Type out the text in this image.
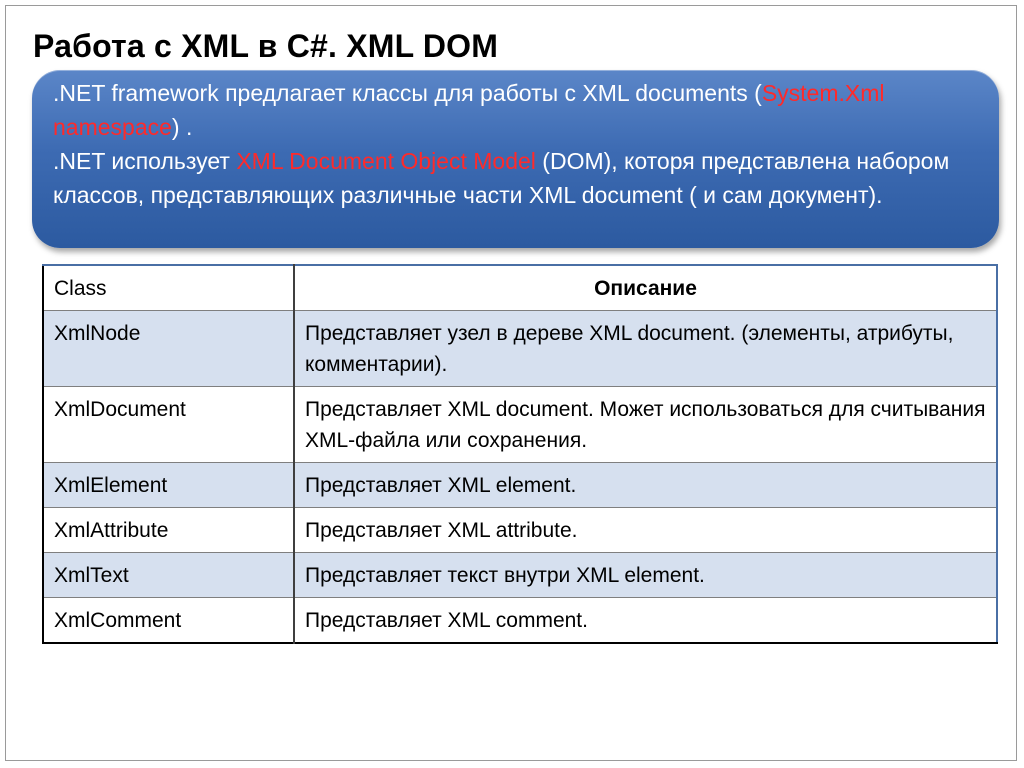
Работа с XML в С#. XML DOM

.NET framework предлагает классы для работы с XML documents (System.Xml namespace) .

.NET использует XML Document Object Model (DOM), которя представлена набором классов, представляющих различные части XML document ( и сам документ).

Class	Описание
XmlNode	Представляет узел в дереве XML document. (элементы, атрибуты, комментарии).
XmlDocument	Представляет XML document. Может использоваться для считывания XML-файла или сохранения.
XmlElement	Представляет XML element.
XmlAttribute	Представляет XML attribute.
XmlText	Представляет текст внутри XML element.
XmlComment	Представляет XML comment.
